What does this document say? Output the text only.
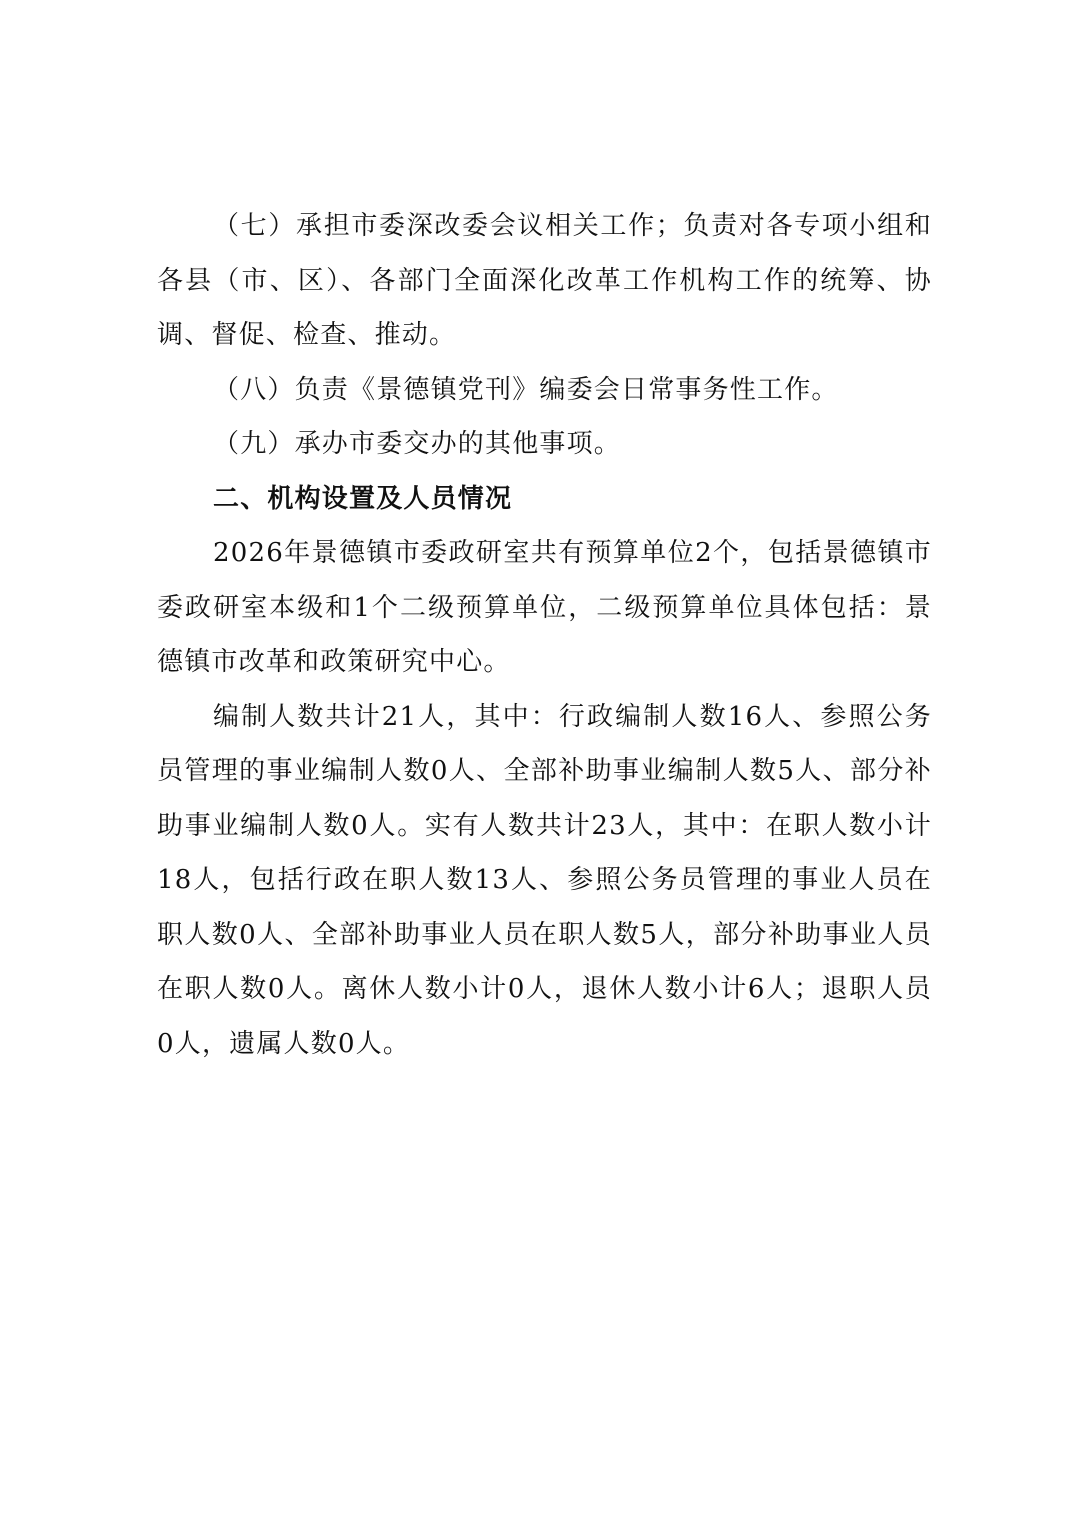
（七）承担市委深改委会议相关工作；负责对各专项小组和各县（市、区）、各部门全面深化改革工作机构工作的统筹、协调、督促、检查、推动。

（八）负责《景德镇党刊》编委会日常事务性工作。

（九）承办市委交办的其他事项。

二、机构设置及人员情况

2026年景德镇市委政研室共有预算单位2个，包括景德镇市委政研室本级和1个二级预算单位，二级预算单位具体包括：景德镇市改革和政策研究中心。

编制人数共计21人，其中：行政编制人数16人、参照公务员管理的事业编制人数0人、全部补助事业编制人数5人、部分补助事业编制人数0人。实有人数共计23人，其中：在职人数小计18人，包括行政在职人数13人、参照公务员管理的事业人员在职人数0人、全部补助事业人员在职人数5人，部分补助事业人员在职人数0人。离休人数小计0人，退休人数小计6人；退职人员0人，遗属人数0人。
